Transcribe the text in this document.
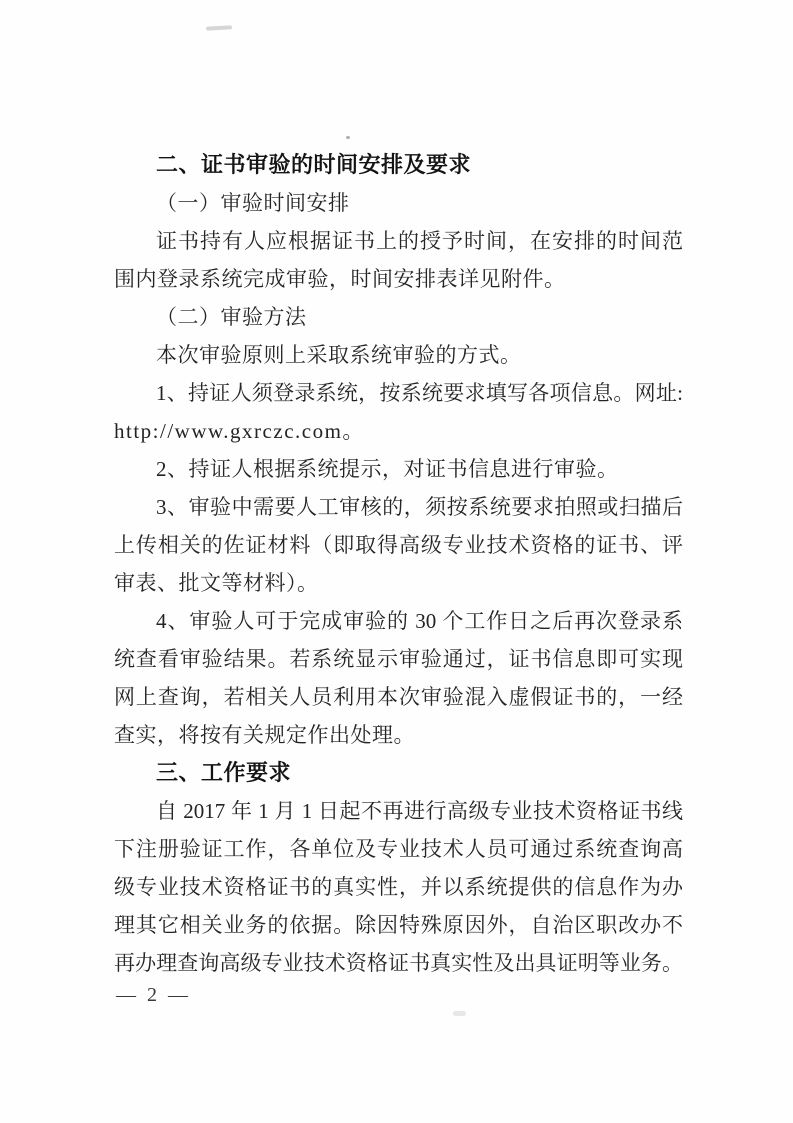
二、证书审验的时间安排及要求
（一）审验时间安排
证书持有人应根据证书上的授予时间，在安排的时间范
围内登录系统完成审验，时间安排表详见附件。
（二）审验方法
本次审验原则上采取系统审验的方式。
1、持证人须登录系统，按系统要求填写各项信息。网址:
http://www.gxrczc.com。
2、持证人根据系统提示，对证书信息进行审验。
3、审验中需要人工审核的，须按系统要求拍照或扫描后
上传相关的佐证材料（即取得高级专业技术资格的证书、评
审表、批文等材料）。
4、审验人可于完成审验的 30 个工作日之后再次登录系
统查看审验结果。若系统显示审验通过，证书信息即可实现
网上查询，若相关人员利用本次审验混入虚假证书的，一经
查实，将按有关规定作出处理。
三、工作要求
自 2017 年 1 月 1 日起不再进行高级专业技术资格证书线
下注册验证工作，各单位及专业技术人员可通过系统查询高
级专业技术资格证书的真实性，并以系统提供的信息作为办
理其它相关业务的依据。除因特殊原因外，自治区职改办不
再办理查询高级专业技术资格证书真实性及出具证明等业务。
— 2 —
